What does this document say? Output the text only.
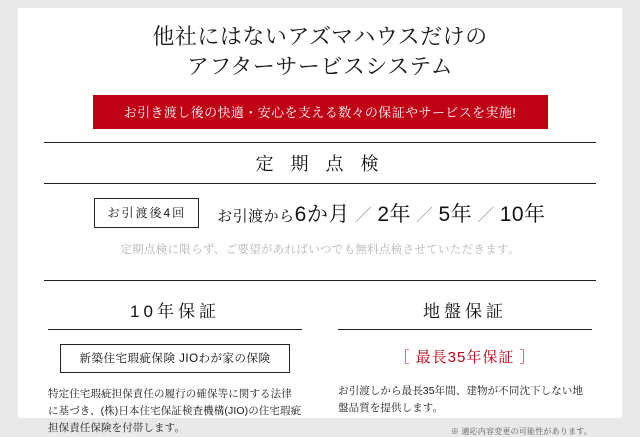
他社にはないアズマハウスだけの
アフターサービスシステム
お引き渡し後の快適・安心を支える数々の保証やサービスを実施!
定 期 点 検
お引渡後4回	お引渡から6か月 ／ 2年 ／ 5年 ／ 10年
定期点検に限らず、ご要望があればいつでも無料点検させていただきます。
10年保証
新築住宅瑕疵保険 JIOわが家の保険
特定住宅瑕疵担保責任の履行の確保等に関する法律に基づき、(株)日本住宅保証検査機構(JIO)の住宅瑕疵担保責任保険を付帯します。
地盤保証
［ 最長35年保証 ］
お引渡しから最長35年間、建物が不同沈下しない地盤品質を提供します。
※ 適応内容変更の可能性があります。
